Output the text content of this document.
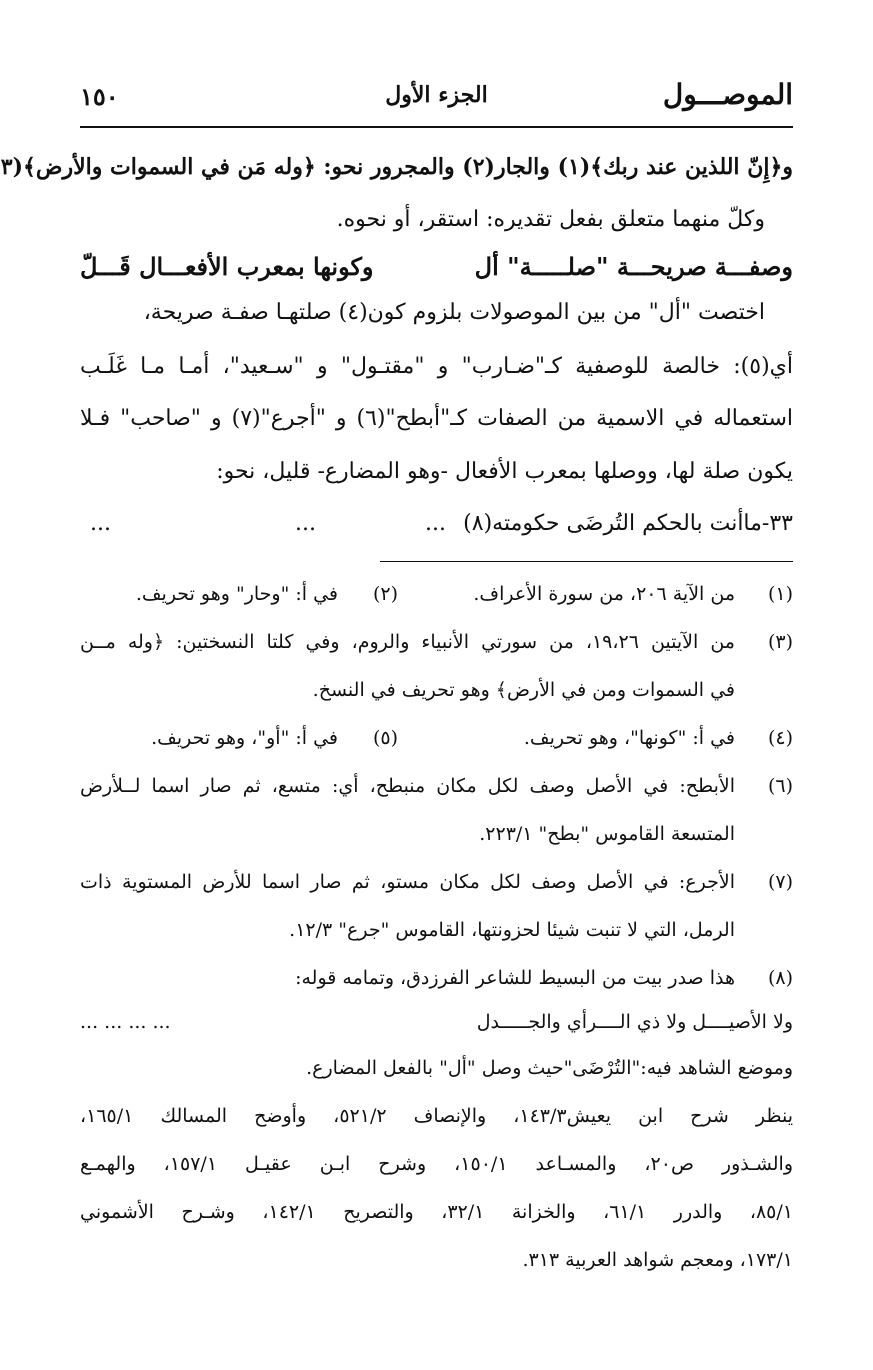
الموصـــول
الجزء الأول
١٥٠
و﴿إِنّ اللذين عند ربك﴾(١) والجار(٢) والمجرور نحو: ﴿وله مَن في السموات والأرض﴾(٣
وكلّ منهما متعلق بفعل تقديره: استقر، أو نحوه.
وصفـــة صريحـــة "صلـــــة" أل
وكونها بمعرب الأفعـــال قَـــلّ
اختصت "أل" من بين الموصولات بلزوم كون(٤) صلتهـا صفـة صريحة،
أي(٥): خالصة للوصفية كـ"ضـارب" و "مقتـول" و "سـعيد"، أمـا مـا غَلَـب
استعماله في الاسمية من الصفات كـ"أبطح"(٦) و "أجرع"(٧) و "صاحب" فـلا
يكون صلة لها، ووصلها بمعرب الأفعال -وهو المضارع- قليل، نحو:
٣٣-ماأنت بالحكم التُرضَى حكومته(٨)
...
...
...
(١)
من الآية ٢٠٦، من سورة الأعراف.
(٢)
في أ: "وحار" وهو تحريف.
(٣)
من الآيتين ١٩،٢٦، من سورتي الأنبياء والروم، وفي كلتا النسختين: ﴿وله مــن
في السموات ومن في الأرض﴾ وهو تحريف في النسخ.
(٤)
في أ: "كونها"، وهو تحريف.
(٥)
في أ: "أو"، وهو تحريف.
(٦)
الأبطح: في الأصل وصف لكل مكان منبطح، أي: متسع، ثم صار اسما لــلأرض
المتسعة القاموس "بطح" ٢٢٣/١.
(٧)
الأجرع: في الأصل وصف لكل مكان مستو، ثم صار اسما للأرض المستوية ذات
الرمل، التي لا تنبت شيئا لحزونتها، القاموس "جرع" ١٢/٣.
(٨)
هذا صدر بيت من البسيط للشاعر الفرزدق، وتمامه قوله:
ولا الأصيــــل ولا ذي الــــرأي والجـــــدل
... ... ... ...
وموضع الشاهد فيه:"التُرْضَى"حيث وصل "أل" بالفعل المضارع.
ينظر شرح ابن يعيش١٤٣/٣، والإنصاف ٥٢١/٢، وأوضح المسالك ١٦٥/١،
والشـذور ص٢٠، والمسـاعد ١٥٠/١، وشرح ابـن عقيـل ١٥٧/١، والهمـع
٨٥/١، والدرر ٦١/١، والخزانة ٣٢/١، والتصريح ١٤٢/١، وشـرح الأشموني
١٧٣/١، ومعجم شواهد العربية ٣١٣.
